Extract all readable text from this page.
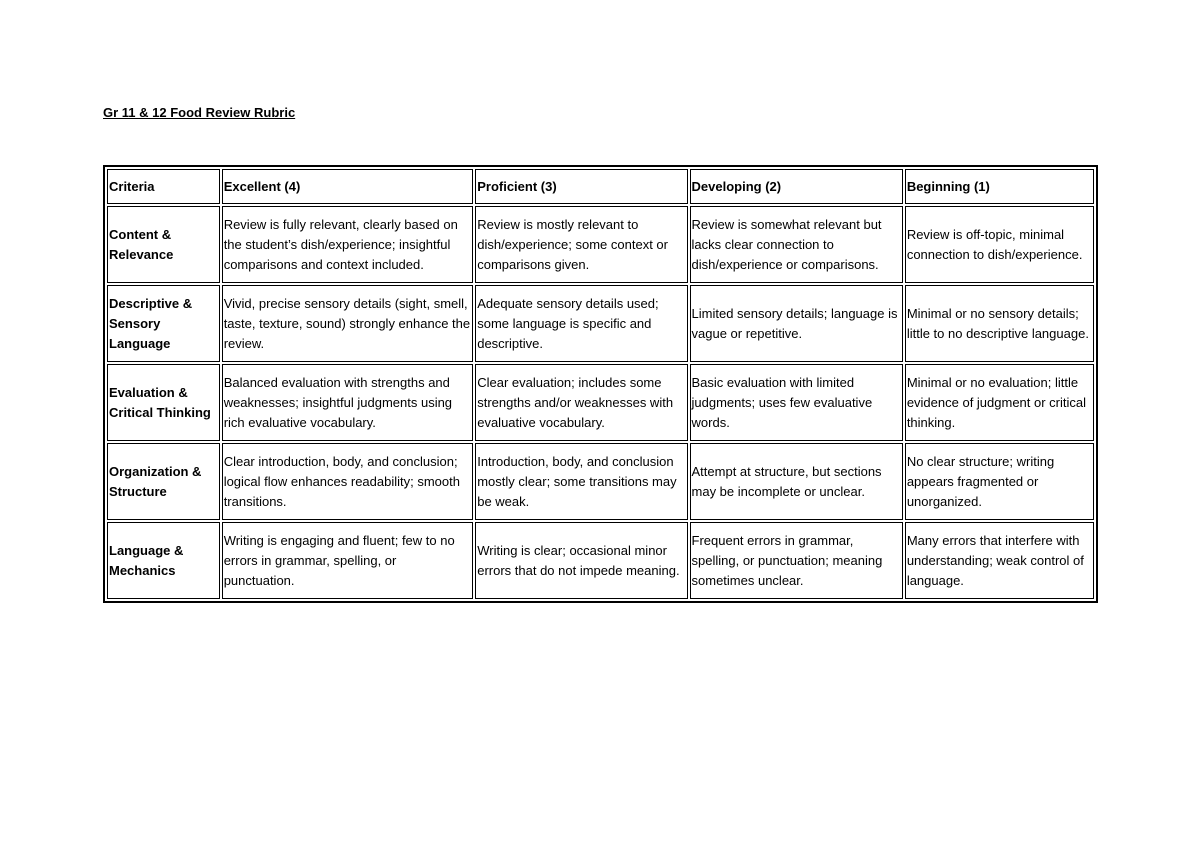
Gr 11 & 12 Food Review Rubric
Criteria	Excellent (4)	Proficient (3)	Developing (2)	Beginning (1)
Content & Relevance	Review is fully relevant, clearly based on the student’s dish/experience; insightful comparisons and context included.	Review is mostly relevant to dish/experience; some context or comparisons given.	Review is somewhat relevant but lacks clear connection to dish/experience or comparisons.	Review is off-topic, minimal connection to dish/experience.
Descriptive & Sensory Language	Vivid, precise sensory details (sight, smell, taste, texture, sound) strongly enhance the review.	Adequate sensory details used; some language is specific and descriptive.	Limited sensory details; language is vague or repetitive.	Minimal or no sensory details; little to no descriptive language.
Evaluation & Critical Thinking	Balanced evaluation with strengths and weaknesses; insightful judgments using rich evaluative vocabulary.	Clear evaluation; includes some strengths and/or weaknesses with evaluative vocabulary.	Basic evaluation with limited judgments; uses few evaluative words.	Minimal or no evaluation; little evidence of judgment or critical thinking.
Organization & Structure	Clear introduction, body, and conclusion; logical flow enhances readability; smooth transitions.	Introduction, body, and conclusion mostly clear; some transitions may be weak.	Attempt at structure, but sections may be incomplete or unclear.	No clear structure; writing appears fragmented or unorganized.
Language & Mechanics	Writing is engaging and fluent; few to no errors in grammar, spelling, or punctuation.	Writing is clear; occasional minor errors that do not impede meaning.	Frequent errors in grammar, spelling, or punctuation; meaning sometimes unclear.	Many errors that interfere with understanding; weak control of language.
